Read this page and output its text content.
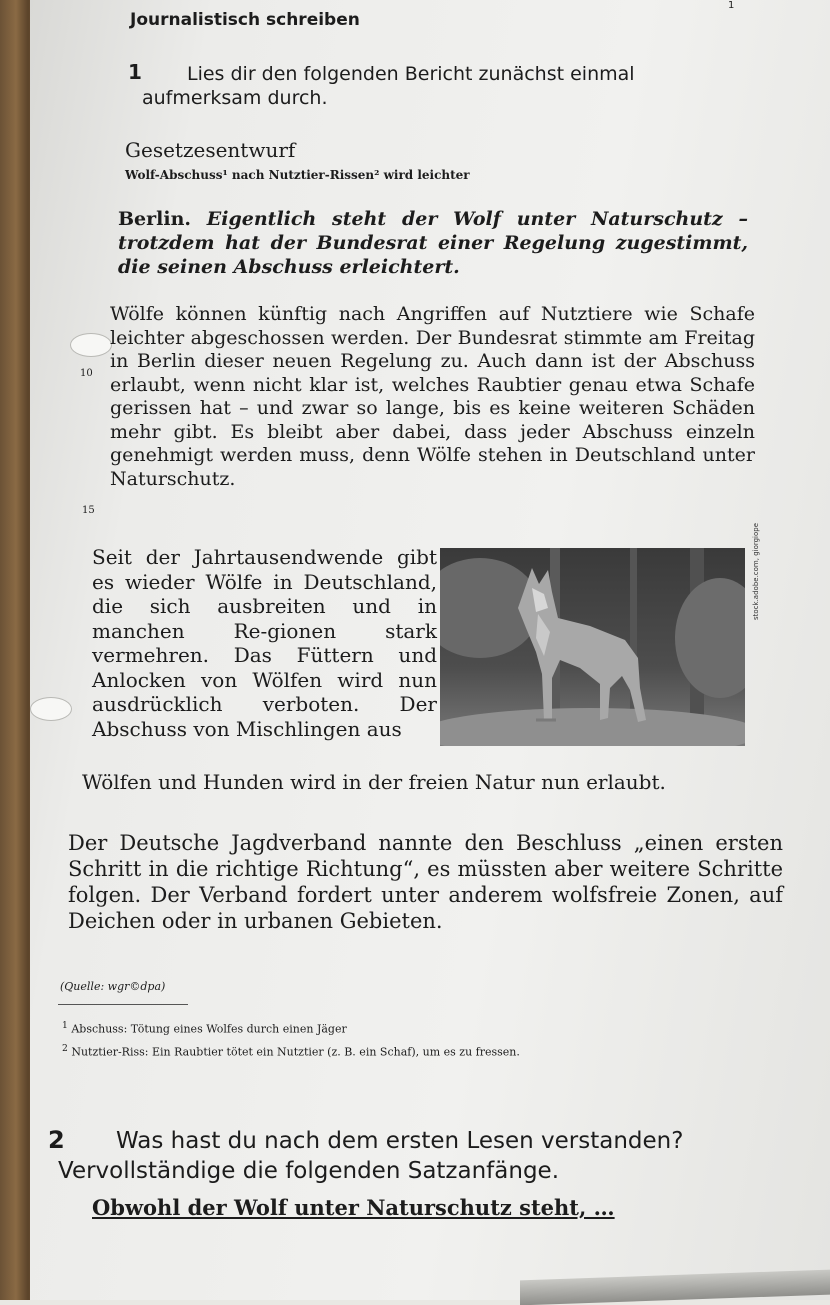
Journalistisch schreiben
1
1	Lies dir den folgenden Bericht zunächst einmal aufmerksam durch.
Gesetzesentwurf
Wolf-Abschuss¹ nach Nutztier-Rissen² wird leichter
Berlin. Eigentlich steht der Wolf unter Naturschutz – trotzdem hat der Bundesrat einer Regelung zugestimmt, die seinen Abschuss erleichtert.
Wölfe können künftig nach Angriffen auf Nutztiere wie Schafe leichter abgeschossen werden. Der Bundesrat stimmte am Freitag in Berlin dieser neuen Regelung zu. Auch dann ist der Abschuss erlaubt, wenn nicht klar ist, welches Raubtier genau etwa Schafe gerissen hat – und zwar so lange, bis es keine weiteren Schäden mehr gibt. Es bleibt aber dabei, dass jeder Abschuss einzeln genehmigt werden muss, denn Wölfe stehen in Deutschland unter Naturschutz.
10
15
Seit der Jahrtausendwende gibt es wieder Wölfe in Deutschland, die sich ausbreiten und in manchen Re-gionen stark vermehren. Das Füttern und Anlocken von Wölfen wird nun ausdrücklich verboten. Der Abschuss von Mischlingen aus
Wölfen und Hunden wird in der freien Natur nun erlaubt.
stock.adobe.com, giorgiope
Der Deutsche Jagdverband nannte den Beschluss „einen ersten Schritt in die richtige Richtung“, es müssten aber weitere Schritte folgen. Der Verband fordert unter anderem wolfsfreie Zonen, auf Deichen oder in urbanen Gebieten.
(Quelle: wgr©dpa)
$^1$ Abschuss: Tötung eines Wolfes durch einen Jäger
$^2$ Nutztier-Riss: Ein Raubtier tötet ein Nutztier (z. B. ein Schaf), um es zu fressen.
2	Was hast du nach dem ersten Lesen verstanden? Vervollständige die folgenden Satzanfänge.
Obwohl der Wolf unter Naturschutz steht, …
